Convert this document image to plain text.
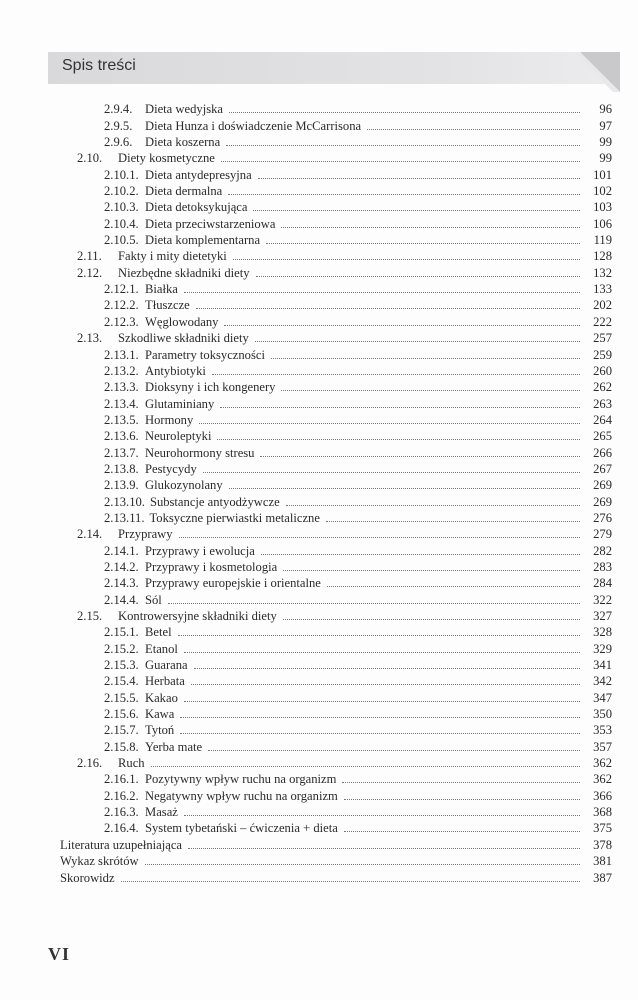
Spis treści
2.9.4.	Dieta wedyjska	96
2.9.5.	Dieta Hunza i doświadczenie McCarrisona	97
2.9.6.	Dieta koszerna	99
2.10.	Diety kosmetyczne	99
2.10.1. Dieta antydepresyjna	101
2.10.2. Dieta dermalna	102
2.10.3. Dieta detoksykująca	103
2.10.4. Dieta przeciwstarzeniowa	106
2.10.5. Dieta komplementarna	119
2.11.	Fakty i mity dietetyki	128
2.12.	Niezbędne składniki diety	132
2.12.1. Białka	133
2.12.2. Tłuszcze	202
2.12.3. Węglowodany	222
2.13.	Szkodliwe składniki diety	257
2.13.1. Parametry toksyczności	259
2.13.2. Antybiotyki	260
2.13.3. Dioksyny i ich kongenery	262
2.13.4. Glutaminiany	263
2.13.5. Hormony	264
2.13.6. Neuroleptyki	265
2.13.7. Neurohormony stresu	266
2.13.8. Pestycydy	267
2.13.9. Glukozynolany	269
2.13.10. Substancje antyodżywcze	269
2.13.11. Toksyczne pierwiastki metaliczne	276
2.14.	Przyprawy	279
2.14.1. Przyprawy i ewolucja	282
2.14.2. Przyprawy i kosmetologia	283
2.14.3. Przyprawy europejskie i orientalne	284
2.14.4. Sól	322
2.15.	Kontrowersyjne składniki diety	327
2.15.1. Betel	328
2.15.2. Etanol	329
2.15.3. Guarana	341
2.15.4. Herbata	342
2.15.5. Kakao	347
2.15.6. Kawa	350
2.15.7. Tytoń	353
2.15.8. Yerba mate	357
2.16.	Ruch	362
2.16.1. Pozytywny wpływ ruchu na organizm	362
2.16.2. Negatywny wpływ ruchu na organizm	366
2.16.3. Masaż	368
2.16.4. System tybetański – ćwiczenia + dieta	375
Literatura uzupełniająca	378
Wykaz skrótów	381
Skorowidz	387
VI
